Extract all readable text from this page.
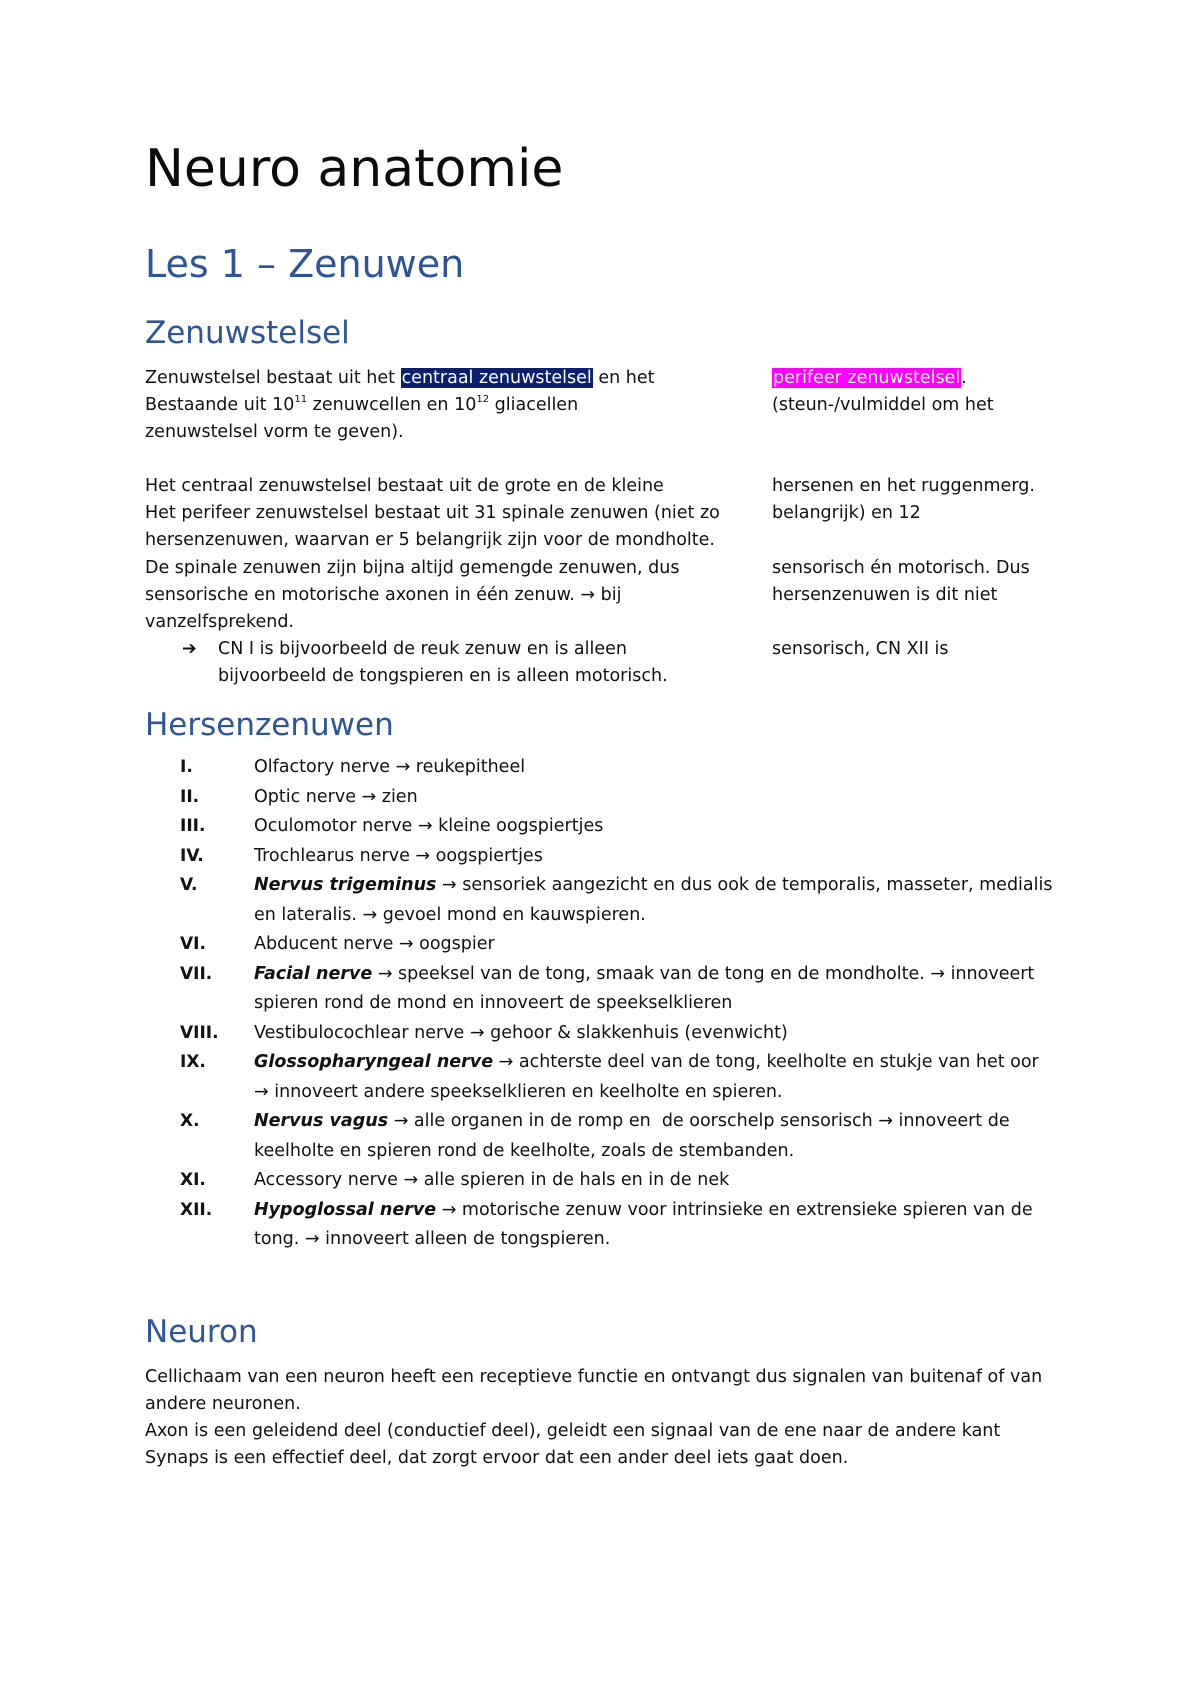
Neuro anatomie
Les 1 – Zenuwen
Zenuwstelsel
Zenuwstelsel bestaat uit het centraal zenuwstelsel en het	perifeer zenuwstelsel.
Bestaande uit $10^{11}$ zenuwcellen en $10^{12}$ gliacellen	(steun-/vulmiddel om het
zenuwstelsel vorm te geven).
Het centraal zenuwstelsel bestaat uit de grote en de kleine	hersenen en het ruggenmerg.
Het perifeer zenuwstelsel bestaat uit 31 spinale zenuwen (niet zo	belangrijk) en 12
hersenzenuwen, waarvan er 5 belangrijk zijn voor de mondholte.
De spinale zenuwen zijn bijna altijd gemengde zenuwen, dus	sensorisch én motorisch. Dus
sensorische en motorische axonen in één zenuw. → bij	hersenzenuwen is dit niet
vanzelfsprekend.
➔ CN I is bijvoorbeeld de reuk zenuw en is alleen	sensorisch, CN XII is
bijvoorbeeld de tongspieren en is alleen motorisch.
Hersenzenuwen
I.	Olfactory nerve → reukepitheel
II.	Optic nerve → zien
III.	Oculomotor nerve → kleine oogspiertjes
IV.	Trochlearus nerve → oogspiertjes
V.	Nervus trigeminus → sensoriek aangezicht en dus ook de temporalis, masseter, medialis
en lateralis. → gevoel mond en kauwspieren.
VI.	Abducent nerve → oogspier
VII. Facial nerve → speeksel van de tong, smaak van de tong en de mondholte. → innoveert
spieren rond de mond en innoveert de speekselklieren
VIII. Vestibulocochlear nerve → gehoor & slakkenhuis (evenwicht)
IX.	Glossopharyngeal nerve → achterste deel van de tong, keelholte en stukje van het oor
→ innoveert andere speekselklieren en keelholte en spieren.
X.	Nervus vagus → alle organen in de romp en  de oorschelp sensorisch → innoveert de
keelholte en spieren rond de keelholte, zoals de stembanden.
XI.	Accessory nerve → alle spieren in de hals en in de nek
XII. Hypoglossal nerve → motorische zenuw voor intrinsieke en extrensieke spieren van de
tong. → innoveert alleen de tongspieren.
Neuron
Cellichaam van een neuron heeft een receptieve functie en ontvangt dus signalen van buitenaf of van
andere neuronen.
Axon is een geleidend deel (conductief deel), geleidt een signaal van de ene naar de andere kant
Synaps is een effectief deel, dat zorgt ervoor dat een ander deel iets gaat doen.
